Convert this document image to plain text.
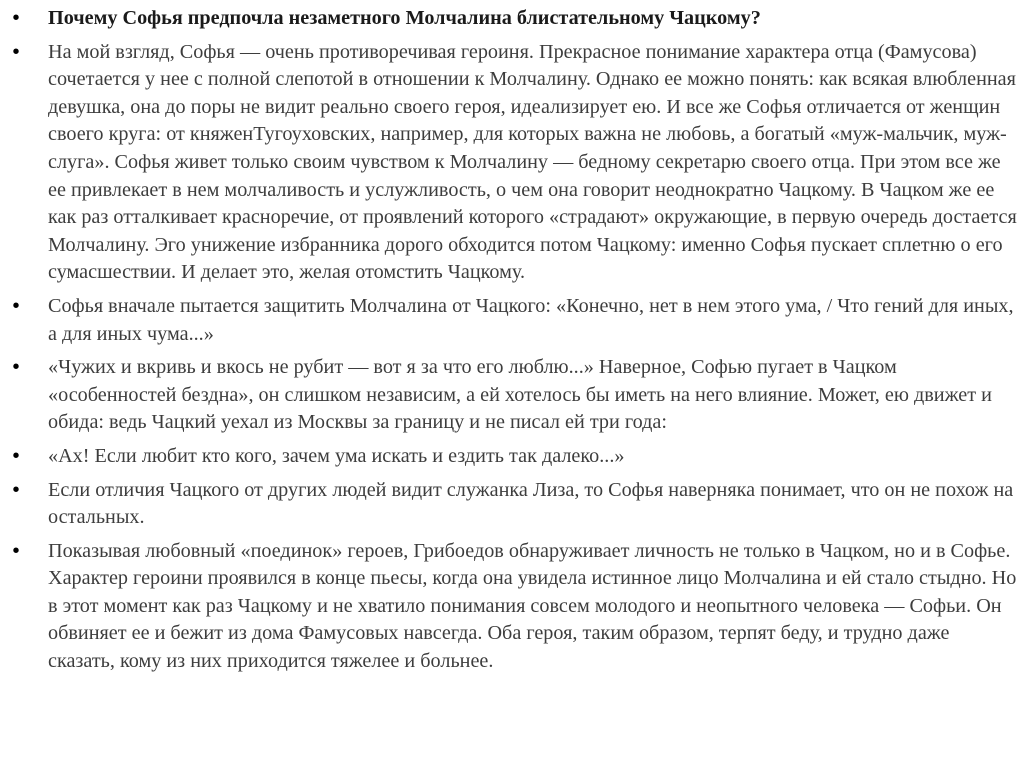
•	Почему Софья предпочла незаметного Молчалина блистательному Чацкому?
•	На мой взгляд, Софья — очень противоречивая героиня. Прекрасное понимание характера отца (Фамусова) сочетается у нее с полной слепотой в отношении к Молчалину. Однако ее можно понять: как всякая влюбленная девушка, она до поры не видит реально своего героя, идеализирует ею. И все же Софья отличается от женщин своего круга: от княженТугоуховских, например, для которых важна не любовь, а богатый «муж-мальчик, муж-слуга». Софья живет только своим чувством к Молчалину — бедному секретарю своего отца. При этом все же ее привлекает в нем молчаливость и услужливость, о чем она говорит неоднократно Чацкому. В Чацком же ее как раз отталкивает красноречие, от проявлений которого «страдают» окружающие, в первую очередь достается Молчалину. Эго унижение избранника дорого обходится потом Чацкому: именно Софья пускает сплетню о его сумасшествии. И делает это, желая отомстить Чацкому.
•	Софья вначале пытается защитить Молчалина от Чацкого: «Конечно, нет в нем этого ума, / Что гений для иных, а для иных чума...»
•	«Чужих и вкривь и вкось не рубит — вот я за что его люблю...» Наверное, Софью пугает в Чацком «особенностей бездна», он слишком независим, а ей хотелось бы иметь на него влияние. Может, ею движет и обида: ведь Чацкий уехал из Москвы за границу и не писал ей три года:
•	«Ах! Если любит кто кого, зачем ума искать и ездить так далеко...»
•	Если отличия Чацкого от других людей видит служанка Лиза, то Софья наверняка понимает, что он не похож на остальных.
•	Показывая любовный «поединок» героев, Грибоедов обнаруживает личность не только в Чацком, но и в Софье. Характер героини проявился в конце пьесы, когда она увидела истинное лицо Молчалина и ей стало стыдно. Но в этот момент как раз Чацкому и не хватило понимания совсем молодого и неопытного человека — Софьи. Он обвиняет ее и бежит из дома Фамусовых навсегда. Оба героя, таким образом, терпят беду, и трудно даже сказать, кому из них приходится тяжелее и больнее.
